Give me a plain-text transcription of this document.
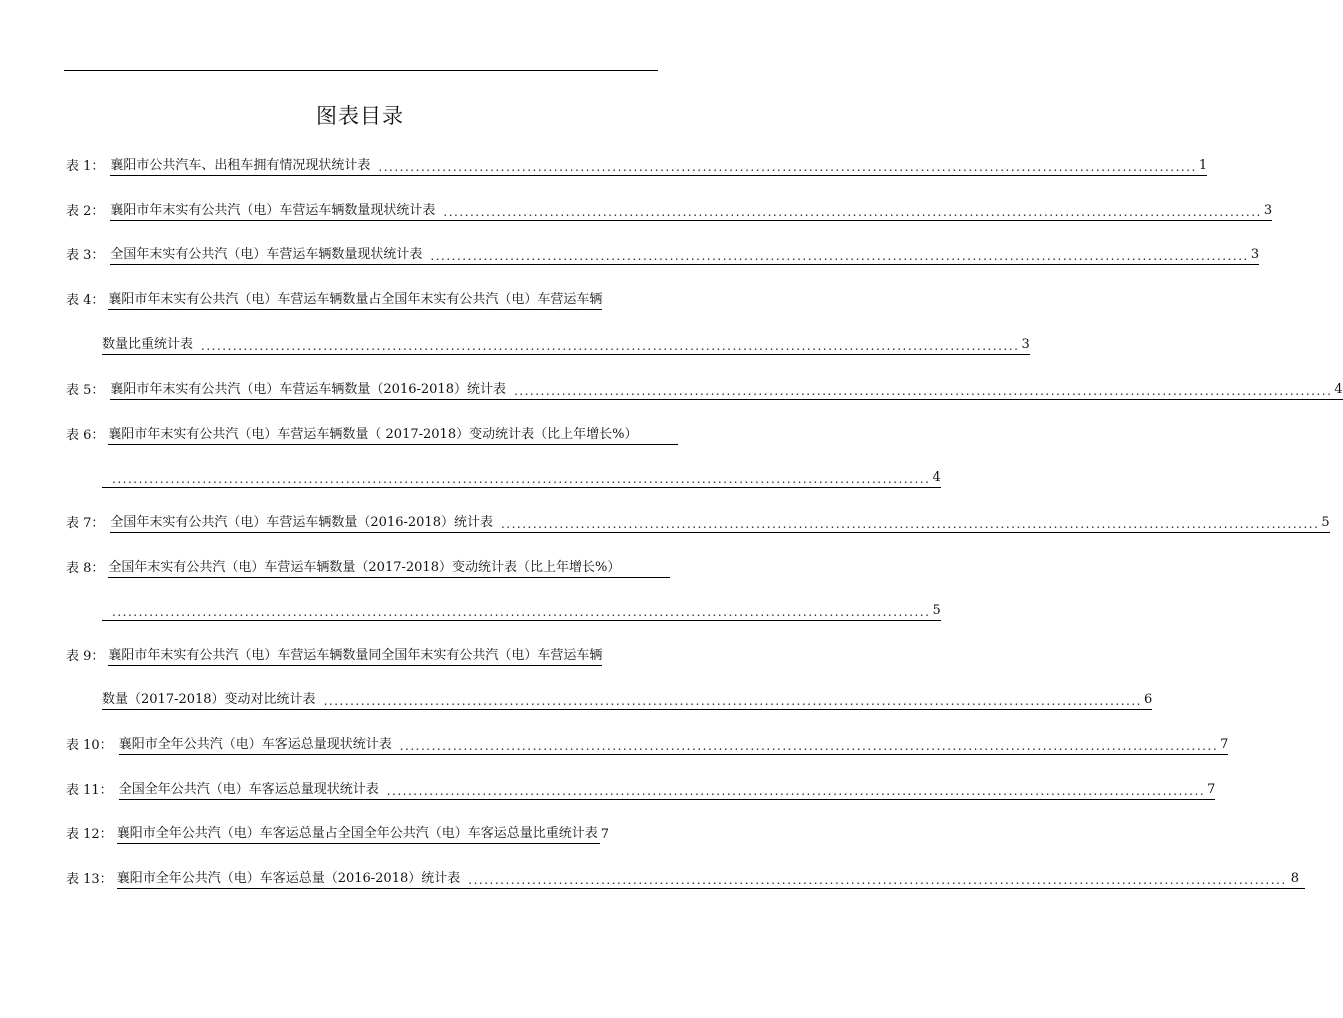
图表目录
表 1： 襄阳市公共汽车、出租车拥有情况现状统计表 .......................................................................................................................................................... 1
表 2： 襄阳市年末实有公共汽（电）车营运车辆数量现状统计表 .......................................................................................................................................................... 3
表 3： 全国年末实有公共汽（电）车营运车辆数量现状统计表 .......................................................................................................................................................... 3
表 4： 襄阳市年末实有公共汽（电）车营运车辆数量占全国年末实有公共汽（电）车营运车辆
数量比重统计表 .......................................................................................................................................................... 3
表 5： 襄阳市年末实有公共汽（电）车营运车辆数量（2016-2018）统计表 .......................................................................................................................................................... 4
表 6： 襄阳市年末实有公共汽（电）车营运车辆数量（ 2017-2018）变动统计表（比上年增长%）
.......................................................................................................................................................... 4
表 7： 全国年末实有公共汽（电）车营运车辆数量（2016-2018）统计表 .......................................................................................................................................................... 5
表 8： 全国年末实有公共汽（电）车营运车辆数量（2017-2018）变动统计表（比上年增长%）
.......................................................................................................................................................... 5
表 9： 襄阳市年末实有公共汽（电）车营运车辆数量同全国年末实有公共汽（电）车营运车辆
数量（2017-2018）变动对比统计表 .......................................................................................................................................................... 6
表 10： 襄阳市全年公共汽（电）车客运总量现状统计表 .......................................................................................................................................................... 7
表 11： 全国全年公共汽（电）车客运总量现状统计表 .......................................................................................................................................................... 7
表 12： 襄阳市全年公共汽（电）车客运总量占全国全年公共汽（电）车客运总量比重统计表 7
表 13： 襄阳市全年公共汽（电）车客运总量（2016-2018）统计表 .......................................................................................................................................................... 8
